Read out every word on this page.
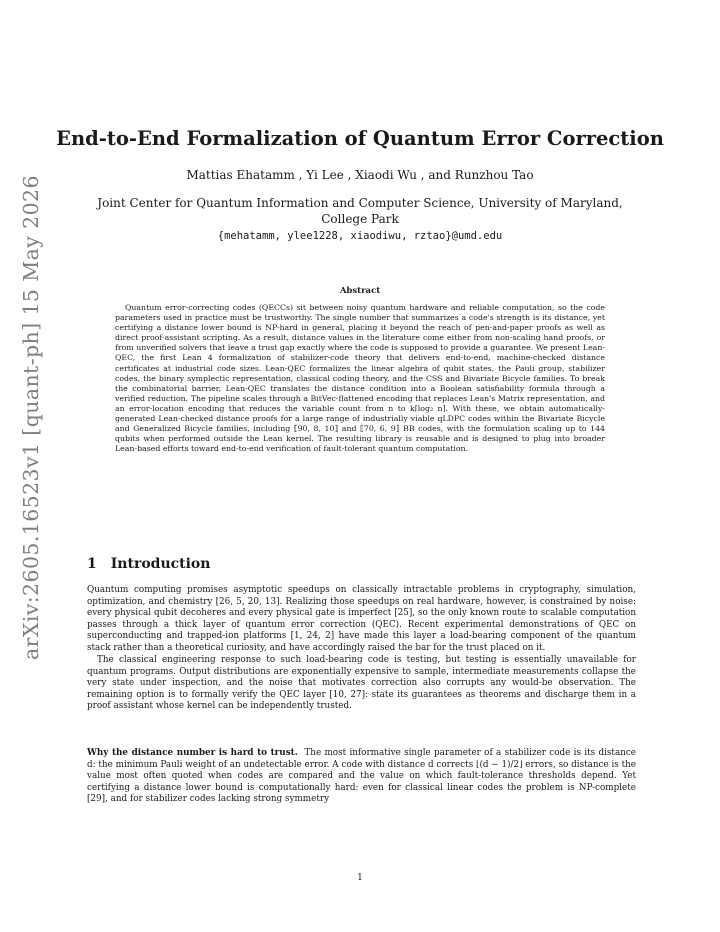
arXiv:2605.16523v1 [quant-ph] 15 May 2026
End-to-End Formalization of Quantum Error Correction
Mattias Ehatamm , Yi Lee , Xiaodi Wu , and Runzhou Tao
Joint Center for Quantum Information and Computer Science, University of Maryland, College Park
{mehatamm, ylee1228, xiaodiwu, rztao}@umd.edu
Abstract

Quantum error-correcting codes (QECCs) sit between noisy quantum hardware and reliable computation, so the code parameters used in practice must be trustworthy. The single number that summarizes a code's strength is its distance, yet certifying a distance lower bound is NP-hard in general, placing it beyond the reach of pen-and-paper proofs as well as direct proof-assistant scripting. As a result, distance values in the literature come either from non-scaling hand proofs, or from unverified solvers that leave a trust gap exactly where the code is supposed to provide a guarantee. We present Lean-QEC, the first Lean 4 formalization of stabilizer-code theory that delivers end-to-end, machine-checked distance certificates at industrial code sizes. Lean-QEC formalizes the linear algebra of qubit states, the Pauli group, stabilizer codes, the binary symplectic representation, classical coding theory, and the CSS and Bivariate Bicycle families. To break the combinatorial barrier, Lean-QEC translates the distance condition into a Boolean satisfiability formula through a verified reduction. The pipeline scales through a BitVec-flattened encoding that replaces Lean's Matrix representation, and an error-location encoding that reduces the variable count from n to k⌈log₂ n⌉. With these, we obtain automatically-generated Lean-checked distance proofs for a large range of industrially viable qLDPC codes within the Bivariate Bicycle and Generalized Bicycle families, including ⟦90, 8, 10⟧ and ⟦70, 6, 9⟧ BB codes, with the formulation scaling up to 144 qubits when performed outside the Lean kernel. The resulting library is reusable and is designed to plug into broader Lean-based efforts toward end-to-end verification of fault-tolerant quantum computation.

1 Introduction

Quantum computing promises asymptotic speedups on classically intractable problems in cryptography, simulation, optimization, and chemistry [26, 5, 20, 13]. Realizing those speedups on real hardware, however, is constrained by noise: every physical qubit decoheres and every physical gate is imperfect [25], so the only known route to scalable computation passes through a thick layer of quantum error correction (QEC). Recent experimental demonstrations of QEC on superconducting and trapped-ion platforms [1, 24, 2] have made this layer a load-bearing component of the quantum stack rather than a theoretical curiosity, and have accordingly raised the bar for the trust placed on it.

The classical engineering response to such load-bearing code is testing, but testing is essentially unavailable for quantum programs. Output distributions are exponentially expensive to sample, intermediate measurements collapse the very state under inspection, and the noise that motivates correction also corrupts any would-be observation. The remaining option is to formally verify the QEC layer [10, 27]: state its guarantees as theorems and discharge them in a proof assistant whose kernel can be independently trusted.

Why the distance number is hard to trust. The most informative single parameter of a stabilizer code is its distance d: the minimum Pauli weight of an undetectable error. A code with distance d corrects ⌊(d − 1)/2⌋ errors, so distance is the value most often quoted when codes are compared and the value on which fault-tolerance thresholds depend. Yet certifying a distance lower bound is computationally hard: even for classical linear codes the problem is NP-complete [29], and for stabilizer codes lacking strong symmetry

1
